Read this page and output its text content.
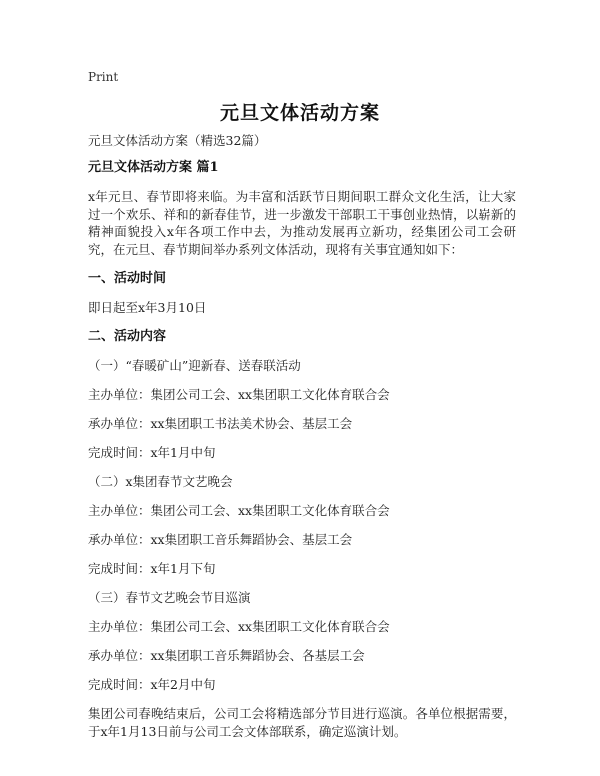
Print
元旦文体活动方案

元旦文体活动方案（精选32篇）

元旦文体活动方案 篇1

x年元旦、春节即将来临。为丰富和活跃节日期间职工群众文化生活，让大家过一个欢乐、祥和的新春佳节，进一步激发干部职工干事创业热情，以崭新的精神面貌投入x年各项工作中去，为推动发展再立新功，经集团公司工会研究，在元旦、春节期间举办系列文体活动，现将有关事宜通知如下：

一、活动时间

即日起至x年3月10日

二、活动内容

（一）“春暖矿山”迎新春、送春联活动

主办单位：集团公司工会、xx集团职工文化体育联合会

承办单位：xx集团职工书法美术协会、基层工会

完成时间：x年1月中旬

（二）x集团春节文艺晚会

主办单位：集团公司工会、xx集团职工文化体育联合会

承办单位：xx集团职工音乐舞蹈协会、基层工会

完成时间：x年1月下旬

（三）春节文艺晚会节目巡演

主办单位：集团公司工会、xx集团职工文化体育联合会

承办单位：xx集团职工音乐舞蹈协会、各基层工会

完成时间：x年2月中旬

集团公司春晚结束后，公司工会将精选部分节目进行巡演。各单位根据需要，于x年1月13日前与公司工会文体部联系，确定巡演计划。
